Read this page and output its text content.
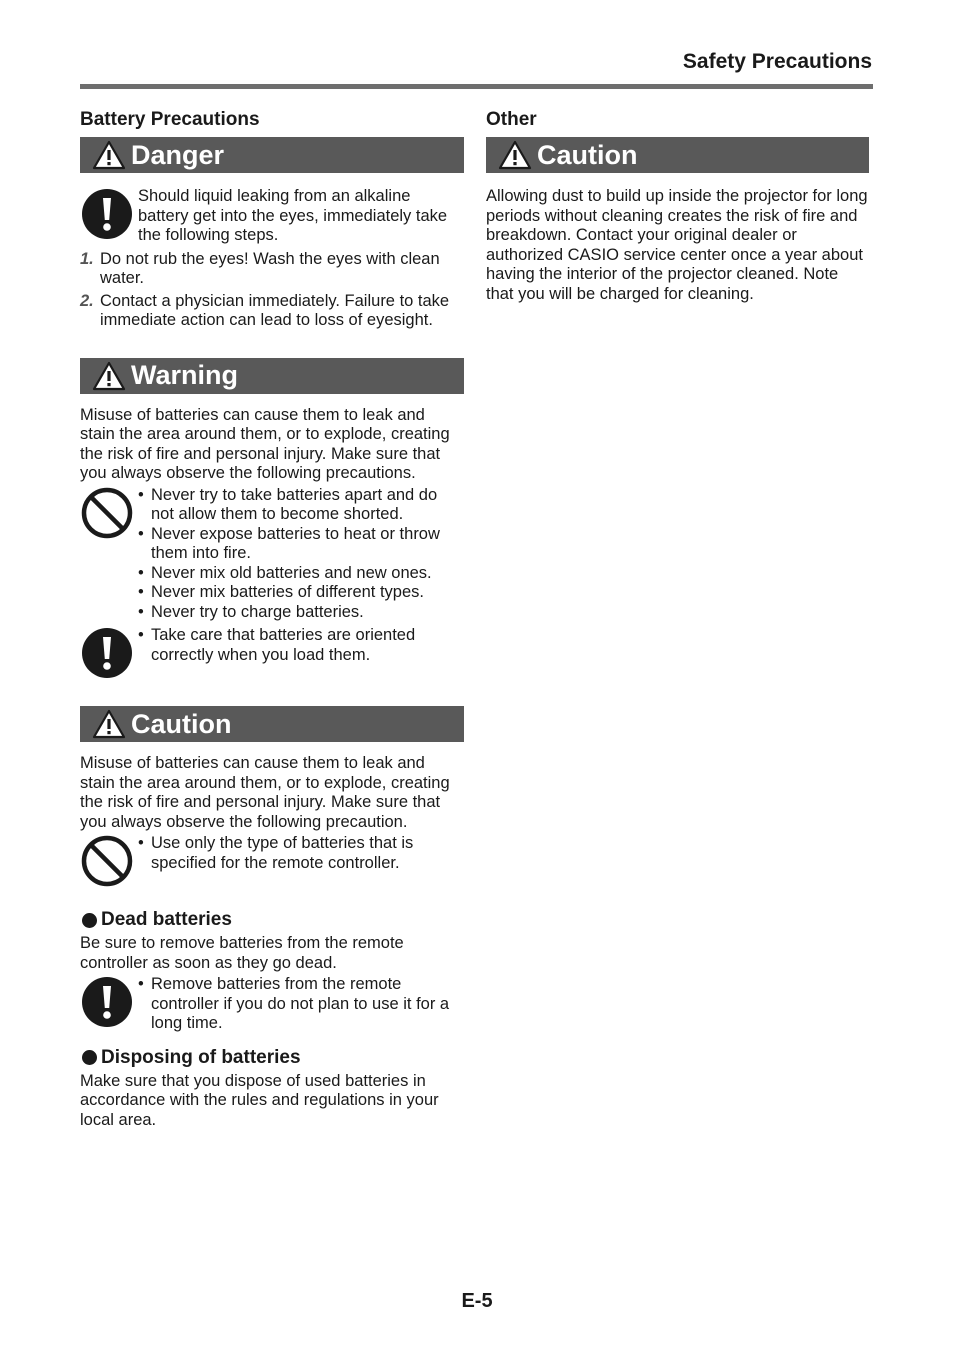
Safety Precautions
Battery Precautions
Danger

Should liquid leaking from an alkaline battery get into the eyes, immediately take the following steps.

1. Do not rub the eyes! Wash the eyes with clean water.
2. Contact a physician immediately. Failure to take immediate action can lead to loss of eyesight.
Warning

Misuse of batteries can cause them to leak and stain the area around them, or to explode, creating the risk of fire and personal injury. Make sure that you always observe the following precautions.

• Never try to take batteries apart and do not allow them to become shorted.
• Never expose batteries to heat or throw them into fire.
• Never mix old batteries and new ones.
• Never mix batteries of different types.
• Never try to charge batteries.
• Take care that batteries are oriented correctly when you load them.
Caution

Misuse of batteries can cause them to leak and stain the area around them, or to explode, creating the risk of fire and personal injury. Make sure that you always observe the following precaution.

• Use only the type of batteries that is specified for the remote controller.
Dead batteries

Be sure to remove batteries from the remote controller as soon as they go dead.

• Remove batteries from the remote controller if you do not plan to use it for a long time.
Disposing of batteries

Make sure that you dispose of used batteries in accordance with the rules and regulations in your local area.

Other
Caution

Allowing dust to build up inside the projector for long periods without cleaning creates the risk of fire and breakdown. Contact your original dealer or authorized CASIO service center once a year about having the interior of the projector cleaned. Note that you will be charged for cleaning.

E-5
